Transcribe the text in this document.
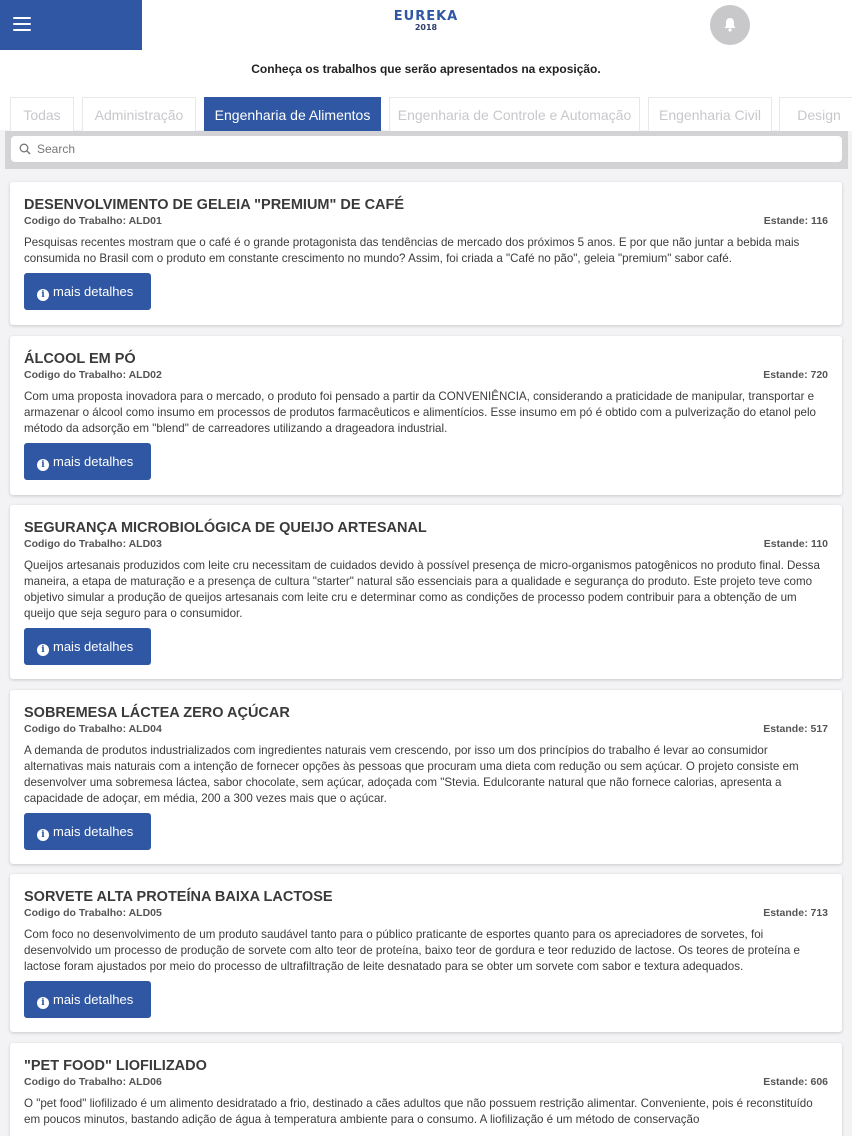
EUREKA
2018
Conheça os trabalhos que serão apresentados na exposição.
Todas	Administração	Engenharia de Alimentos	Engenharia de Controle e Automação	Engenharia Civil	Design
Search
DESENVOLVIMENTO DE GELEIA "PREMIUM" DE CAFÉ
Codigo do Trabalho: ALD01	Estande: 116
Pesquisas recentes mostram que o café é o grande protagonista das tendências de mercado dos próximos 5 anos. E por que não juntar a bebida mais consumida no Brasil com o produto em constante crescimento no mundo? Assim, foi criada a "Café no pão", geleia "premium" sabor café.
i mais detalhes
ÁLCOOL EM PÓ
Codigo do Trabalho: ALD02	Estande: 720
Com uma proposta inovadora para o mercado, o produto foi pensado a partir da CONVENIÊNCIA, considerando a praticidade de manipular, transportar e armazenar o álcool como insumo em processos de produtos farmacêuticos e alimentícios. Esse insumo em pó é obtido com a pulverização do etanol pelo método da adsorção em "blend" de carreadores utilizando a drageadora industrial.
i mais detalhes
SEGURANÇA MICROBIOLÓGICA DE QUEIJO ARTESANAL
Codigo do Trabalho: ALD03	Estande: 110
Queijos artesanais produzidos com leite cru necessitam de cuidados devido à possível presença de micro-organismos patogênicos no produto final. Dessa maneira, a etapa de maturação e a presença de cultura "starter" natural são essenciais para a qualidade e segurança do produto. Este projeto teve como objetivo simular a produção de queijos artesanais com leite cru e determinar como as condições de processo podem contribuir para a obtenção de um queijo que seja seguro para o consumidor.
i mais detalhes
SOBREMESA LÁCTEA ZERO AÇÚCAR
Codigo do Trabalho: ALD04	Estande: 517
A demanda de produtos industrializados com ingredientes naturais vem crescendo, por isso um dos princípios do trabalho é levar ao consumidor alternativas mais naturais com a intenção de fornecer opções às pessoas que procuram uma dieta com redução ou sem açúcar. O projeto consiste em desenvolver uma sobremesa láctea, sabor chocolate, sem açúcar, adoçada com "Stevia. Edulcorante natural que não fornece calorias, apresenta a capacidade de adoçar, em média, 200 a 300 vezes mais que o açúcar.
i mais detalhes
SORVETE ALTA PROTEÍNA BAIXA LACTOSE
Codigo do Trabalho: ALD05	Estande: 713
Com foco no desenvolvimento de um produto saudável tanto para o público praticante de esportes quanto para os apreciadores de sorvetes, foi desenvolvido um processo de produção de sorvete com alto teor de proteína, baixo teor de gordura e teor reduzido de lactose. Os teores de proteína e lactose foram ajustados por meio do processo de ultrafiltração de leite desnatado para se obter um sorvete com sabor e textura adequados.
i mais detalhes
"PET FOOD" LIOFILIZADO
Codigo do Trabalho: ALD06	Estande: 606
O "pet food" liofilizado é um alimento desidratado a frio, destinado a cães adultos que não possuem restrição alimentar. Conveniente, pois é reconstituído em poucos minutos, bastando adição de água à temperatura ambiente para o consumo. A liofilização é um método de conservação
